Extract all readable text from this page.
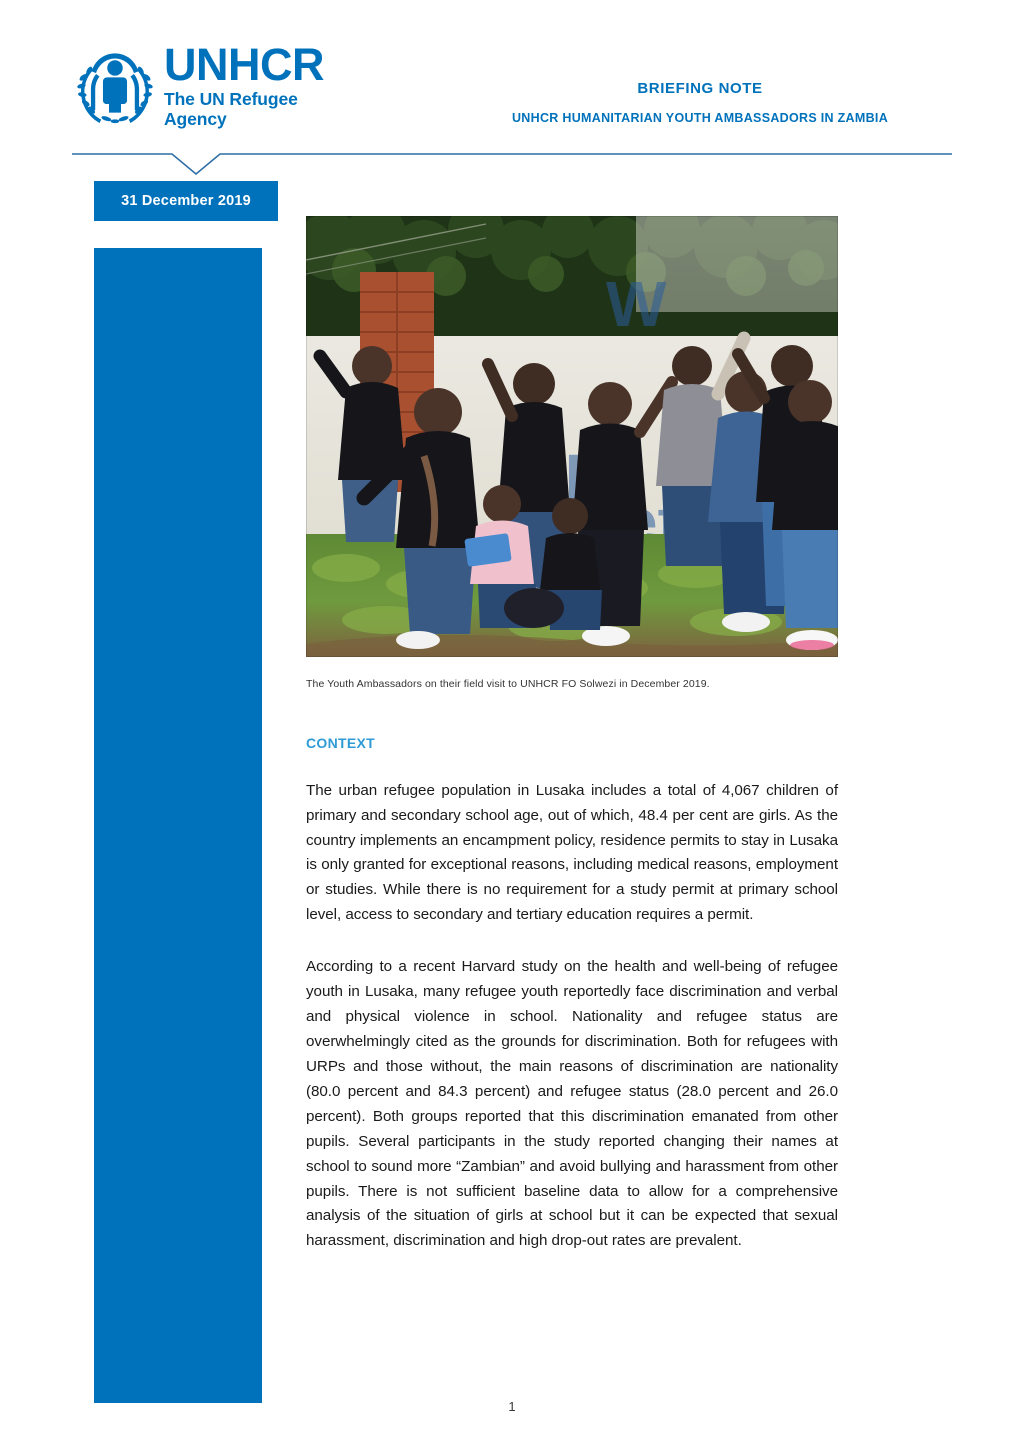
UNHCR
The UN Refugee Agency
BRIEFING NOTE
UNHCR HUMANITARIAN YOUTH AMBASSADORS IN ZAMBIA
31 December 2019
W
The Youth Ambassadors on their field visit to UNHCR FO Solwezi in December 2019.
CONTEXT

The urban refugee population in Lusaka includes a total of 4,067 children of primary and secondary school age, out of which, 48.4 per cent are girls. As the country implements an encampment policy, residence permits to stay in Lusaka is only granted for exceptional reasons, including medical reasons, employment or studies. While there is no requirement for a study permit at primary school level, access to secondary and tertiary education requires a permit.

According to a recent Harvard study on the health and well-being of refugee youth in Lusaka, many refugee youth reportedly face discrimination and verbal and physical violence in school. Nationality and refugee status are overwhelmingly cited as the grounds for discrimination. Both for refugees with URPs and those without, the main reasons of discrimination are nationality (80.0 percent and 84.3 percent) and refugee status (28.0 percent and 26.0 percent). Both groups reported that this discrimination emanated from other pupils. Several participants in the study reported changing their names at school to sound more “Zambian” and avoid bullying and harassment from other pupils. There is not sufficient baseline data to allow for a comprehensive analysis of the situation of girls at school but it can be expected that sexual harassment, discrimination and high drop-out rates are prevalent.

1
